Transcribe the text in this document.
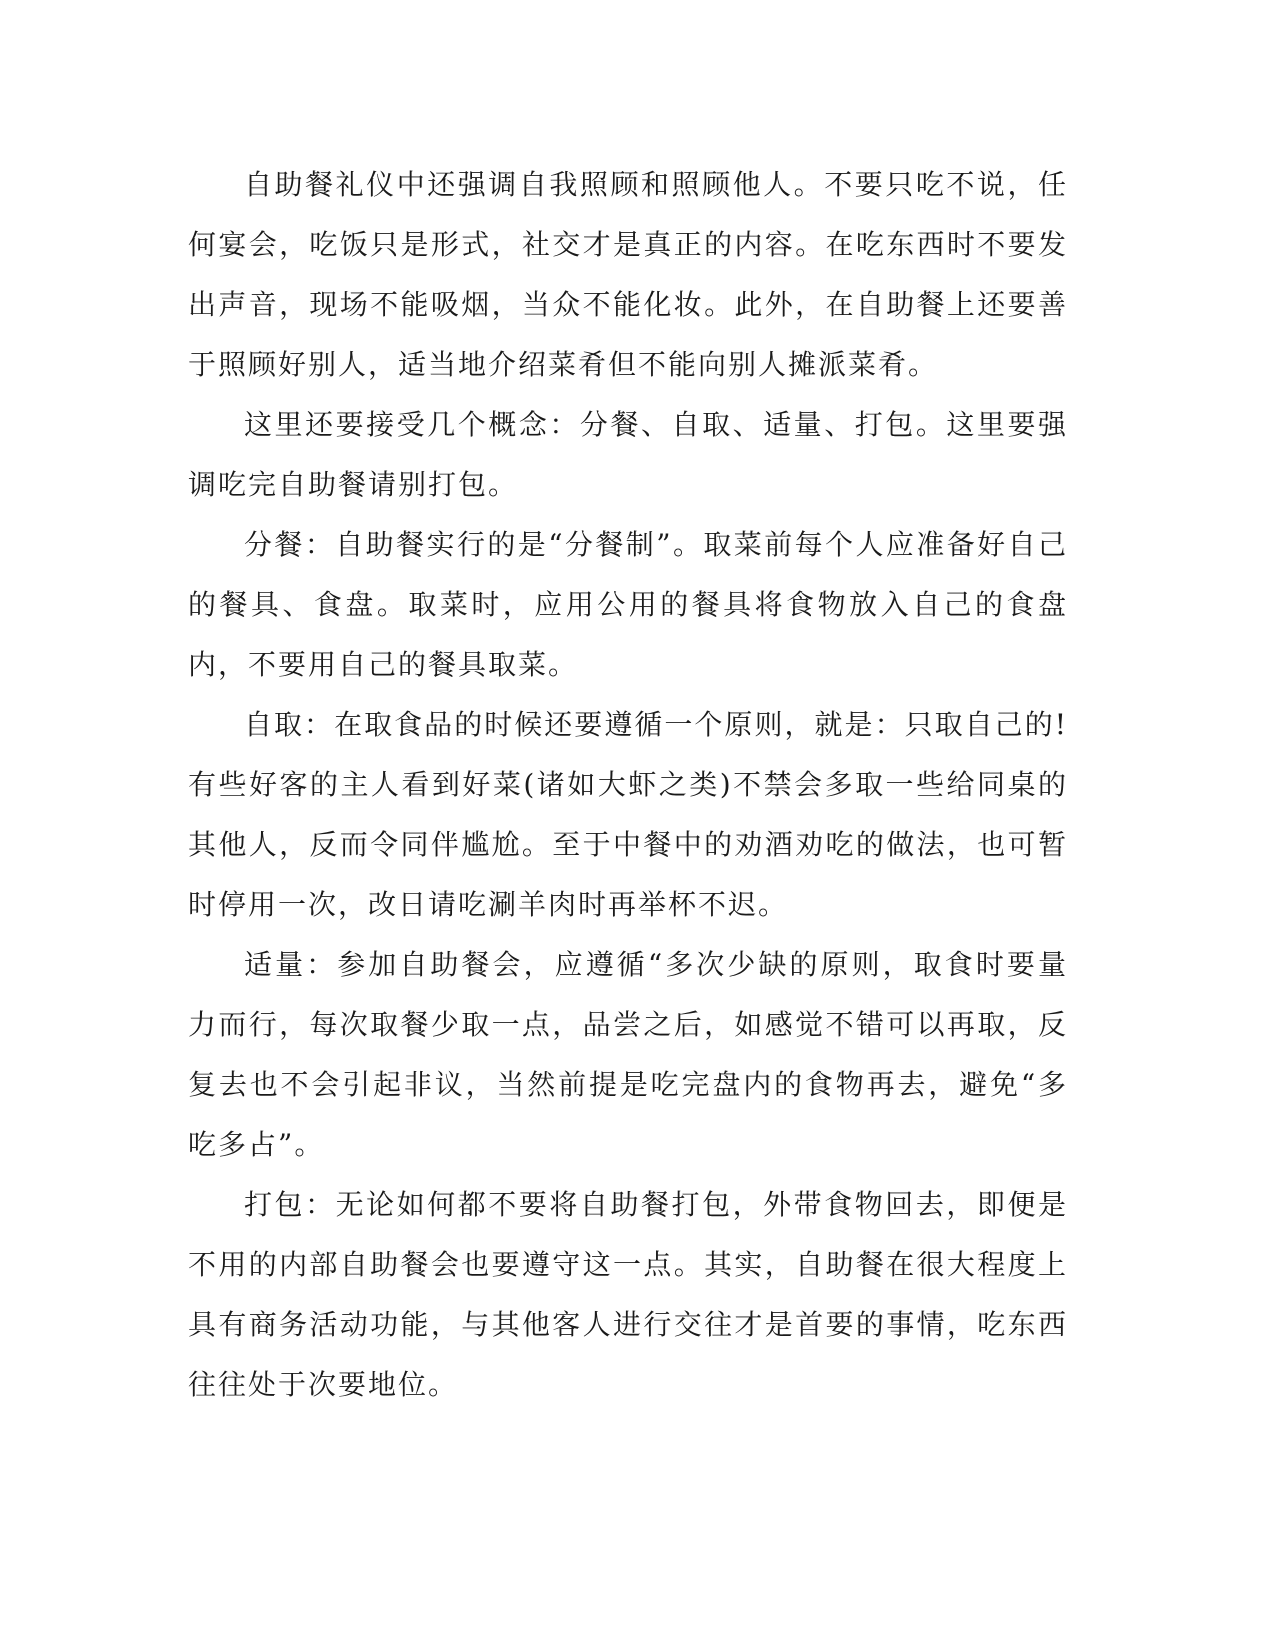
自助餐礼仪中还强调自我照顾和照顾他人。不要只吃不说，任何宴会，吃饭只是形式，社交才是真正的内容。在吃东西时不要发出声音，现场不能吸烟，当众不能化妆。此外，在自助餐上还要善于照顾好别人，适当地介绍菜肴但不能向别人摊派菜肴。

这里还要接受几个概念：分餐、自取、适量、打包。这里要强调吃完自助餐请别打包。

分餐：自助餐实行的是“分餐制”。取菜前每个人应准备好自己的餐具、食盘。取菜时，应用公用的餐具将食物放入自己的食盘内，不要用自己的餐具取菜。

自取：在取食品的时候还要遵循一个原则，就是：只取自己的!有些好客的主人看到好菜(诸如大虾之类)不禁会多取一些给同桌的其他人，反而令同伴尴尬。至于中餐中的劝酒劝吃的做法，也可暂时停用一次，改日请吃涮羊肉时再举杯不迟。

适量：参加自助餐会，应遵循“多次少缺的原则，取食时要量力而行，每次取餐少取一点，品尝之后，如感觉不错可以再取，反复去也不会引起非议，当然前提是吃完盘内的食物再去，避免“多吃多占”。

打包：无论如何都不要将自助餐打包，外带食物回去，即便是不用的内部自助餐会也要遵守这一点。其实，自助餐在很大程度上具有商务活动功能，与其他客人进行交往才是首要的事情，吃东西往往处于次要地位。
